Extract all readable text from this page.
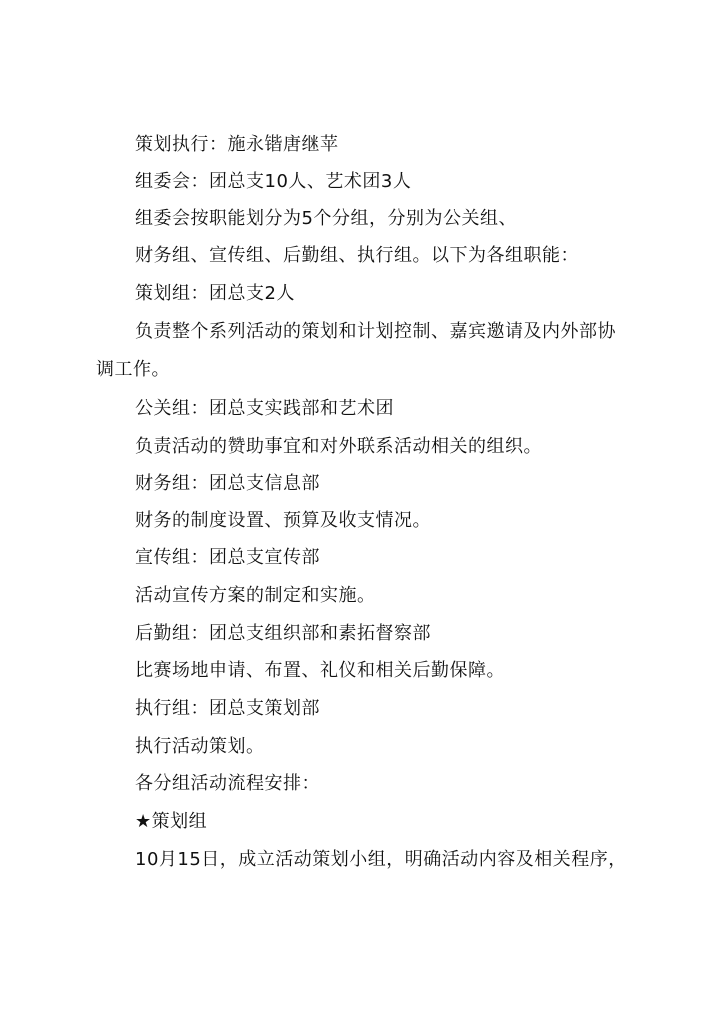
策划执行：施永锴唐继苹
组委会：团总支10人、艺术团3人
组委会按职能划分为5个分组，分别为公关组、
财务组、宣传组、后勤组、执行组。以下为各组职能：
策划组：团总支2人
负责整个系列活动的策划和计划控制、嘉宾邀请及内外部协
调工作。
公关组：团总支实践部和艺术团
负责活动的赞助事宜和对外联系活动相关的组织。
财务组：团总支信息部
财务的制度设置、预算及收支情况。
宣传组：团总支宣传部
活动宣传方案的制定和实施。
后勤组：团总支组织部和素拓督察部
比赛场地申请、布置、礼仪和相关后勤保障。
执行组：团总支策划部
执行活动策划。
各分组活动流程安排：
★策划组
10月15日，成立活动策划小组，明确活动内容及相关程序，
